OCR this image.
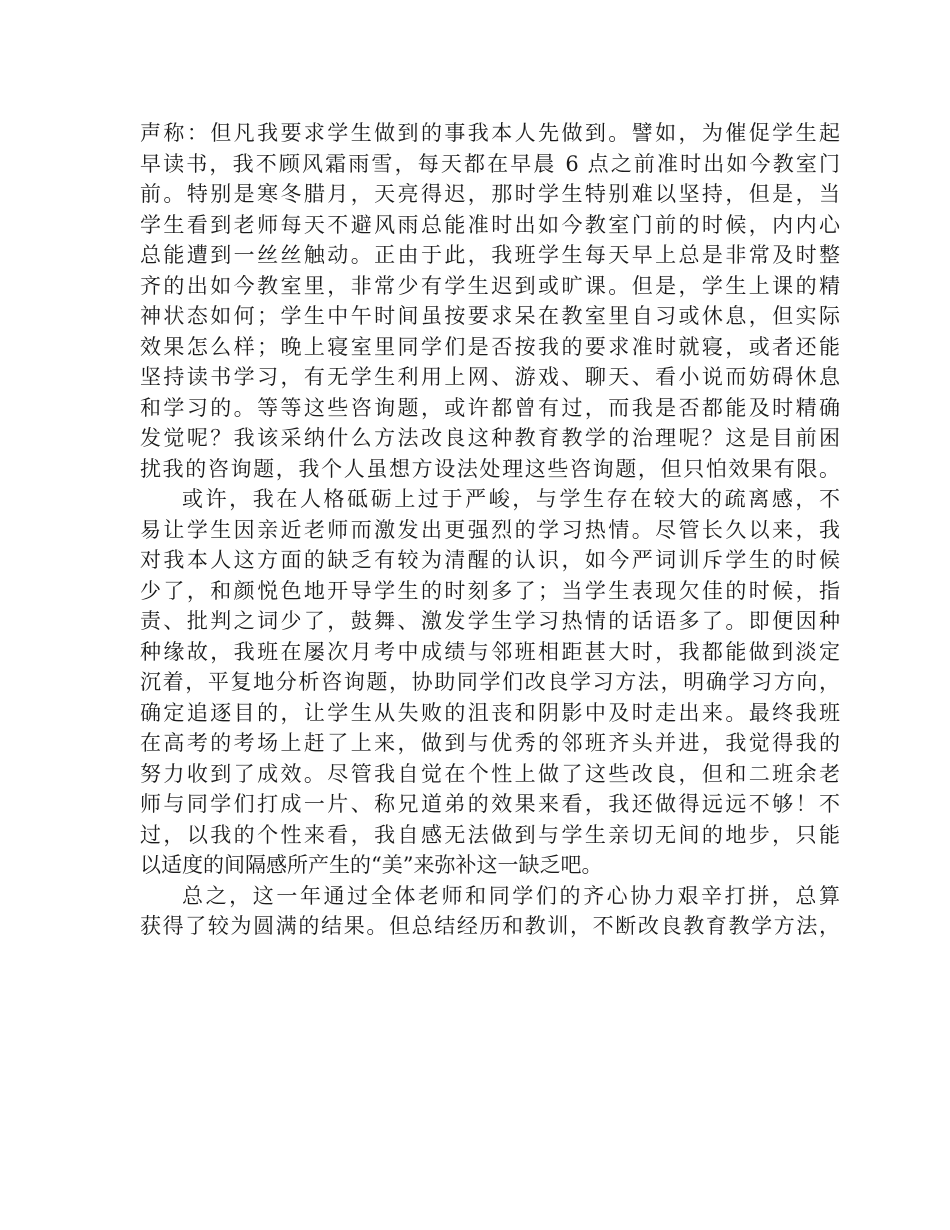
声称：但凡我要求学生做到的事我本人先做到。譬如，为催促学生起
早读书，我不顾风霜雨雪，每天都在早晨 6 点之前准时出如今教室门
前。特别是寒冬腊月，天亮得迟，那时学生特别难以坚持，但是，当
学生看到老师每天不避风雨总能准时出如今教室门前的时候，内内心
总能遭到一丝丝触动。正由于此，我班学生每天早上总是非常及时整
齐的出如今教室里，非常少有学生迟到或旷课。但是，学生上课的精
神状态如何；学生中午时间虽按要求呆在教室里自习或休息，但实际
效果怎么样；晚上寝室里同学们是否按我的要求准时就寝，或者还能
坚持读书学习，有无学生利用上网、游戏、聊天、看小说而妨碍休息
和学习的。等等这些咨询题，或许都曾有过，而我是否都能及时精确
发觉呢？我该采纳什么方法改良这种教育教学的治理呢？这是目前困
扰我的咨询题，我个人虽想方设法处理这些咨询题，但只怕效果有限。
或许，我在人格砥砺上过于严峻，与学生存在较大的疏离感，不
易让学生因亲近老师而激发出更强烈的学习热情。尽管长久以来，我
对我本人这方面的缺乏有较为清醒的认识，如今严词训斥学生的时候
少了，和颜悦色地开导学生的时刻多了；当学生表现欠佳的时候，指
责、批判之词少了，鼓舞、激发学生学习热情的话语多了。即便因种
种缘故，我班在屡次月考中成绩与邻班相距甚大时，我都能做到淡定
沉着，平复地分析咨询题，协助同学们改良学习方法，明确学习方向，
确定追逐目的，让学生从失败的沮丧和阴影中及时走出来。最终我班
在高考的考场上赶了上来，做到与优秀的邻班齐头并进，我觉得我的
努力收到了成效。尽管我自觉在个性上做了这些改良，但和二班余老
师与同学们打成一片、称兄道弟的效果来看，我还做得远远不够！不
过，以我的个性来看，我自感无法做到与学生亲切无间的地步，只能
以适度的间隔感所产生的“美”来弥补这一缺乏吧。
总之，这一年通过全体老师和同学们的齐心协力艰辛打拼，总算
获得了较为圆满的结果。但总结经历和教训，不断改良教育教学方法，
